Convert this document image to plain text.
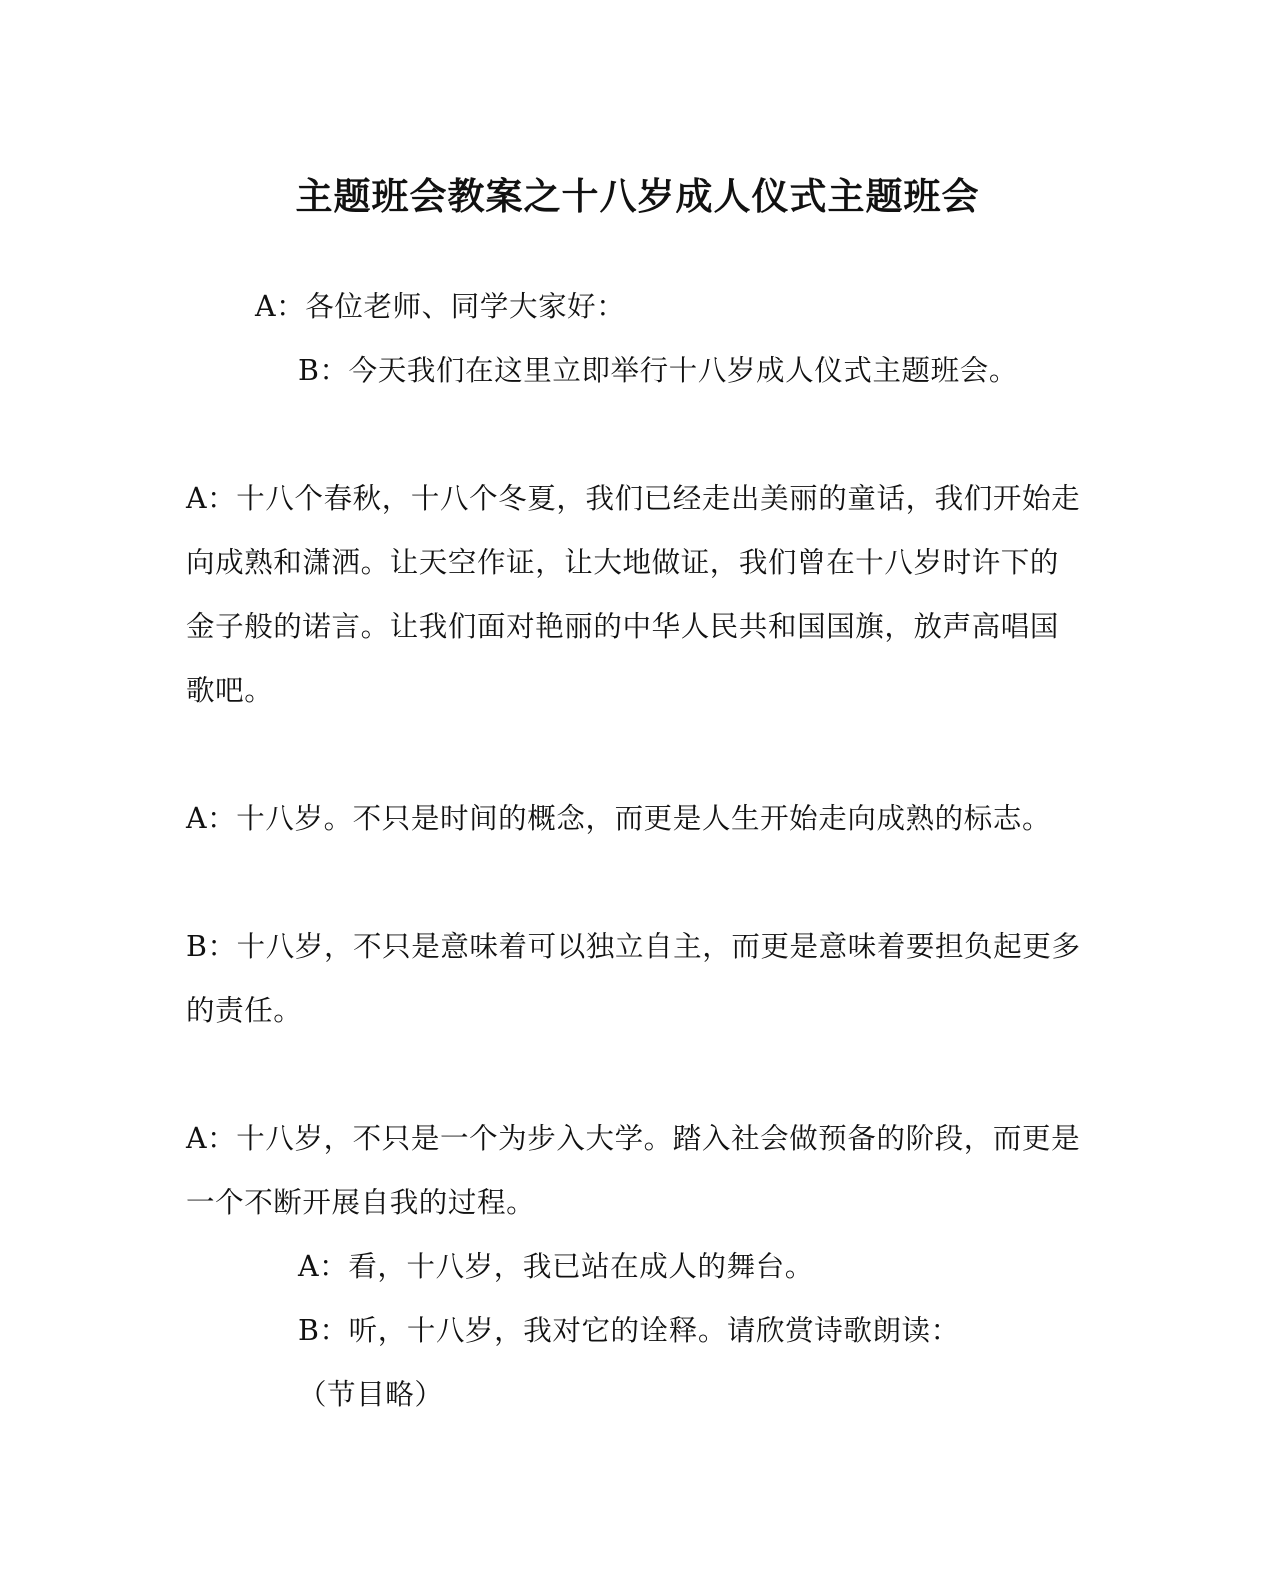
主题班会教案之十八岁成人仪式主题班会
A：各位老师、同学大家好：
B：今天我们在这里立即举行十八岁成人仪式主题班会。
A：十八个春秋，十八个冬夏，我们已经走出美丽的童话，我们开始走
向成熟和潇洒。让天空作证，让大地做证，我们曾在十八岁时许下的
金子般的诺言。让我们面对艳丽的中华人民共和国国旗，放声高唱国
歌吧。
A：十八岁。不只是时间的概念，而更是人生开始走向成熟的标志。
B：十八岁，不只是意味着可以独立自主，而更是意味着要担负起更多
的责任。
A：十八岁，不只是一个为步入大学。踏入社会做预备的阶段，而更是
一个不断开展自我的过程。
A：看，十八岁，我已站在成人的舞台。
B：听，十八岁，我对它的诠释。请欣赏诗歌朗读：
（节目略）
